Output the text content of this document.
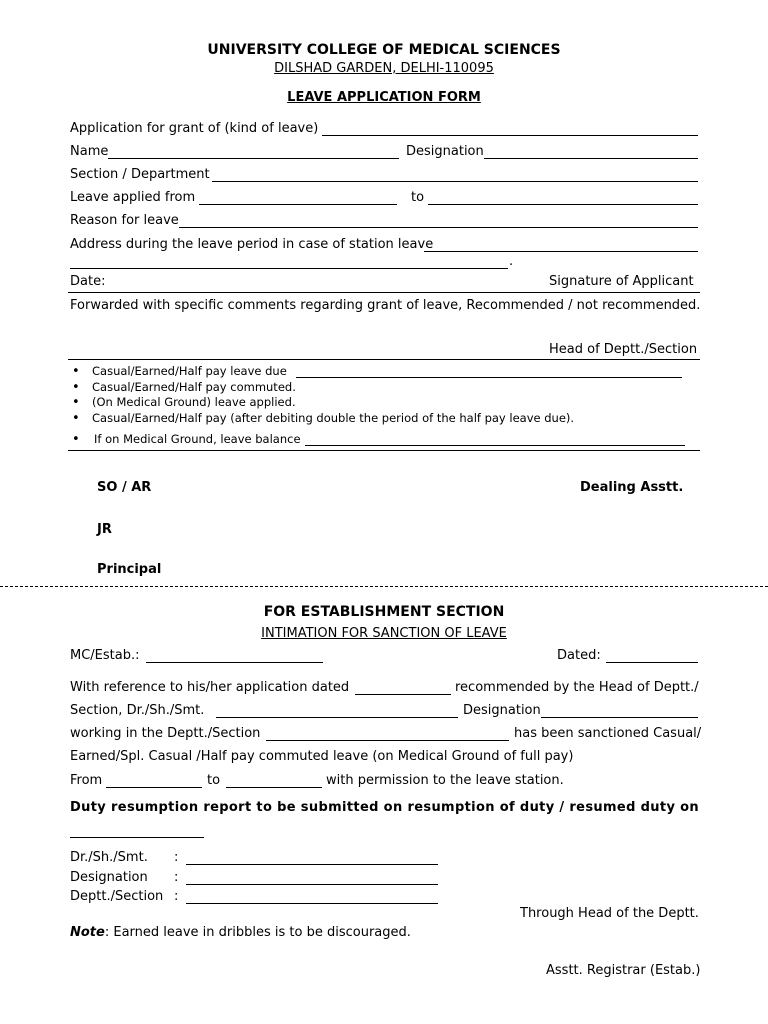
UNIVERSITY COLLEGE OF MEDICAL SCIENCES
DILSHAD GARDEN, DELHI-110095
LEAVE APPLICATION FORM
Application for grant of (kind of leave)
Name	Designation
Section / Department
Leave applied from	to
Reason for leave
Address during the leave period in case of station leave
.
Date:	Signature of Applicant
Forwarded with specific comments regarding grant of leave, Recommended / not recommended.
Head of Deptt./Section
• Casual/Earned/Half pay leave due
• Casual/Earned/Half pay commuted.
• (On Medical Ground) leave applied.
• Casual/Earned/Half pay (after debiting double the period of the half pay leave due).
• If on Medical Ground, leave balance
SO / AR	Dealing Asstt.
JR
Principal
FOR ESTABLISHMENT SECTION
INTIMATION FOR SANCTION OF LEAVE
MC/Estab.:	Dated:
With reference to his/her application dated	recommended by the Head of Deptt./
Section, Dr./Sh./Smt.	Designation
working in the Deptt./Section	has been sanctioned Casual/
Earned/Spl. Casual /Half pay commuted leave (on Medical Ground of full pay)
From	to	with permission to the leave station.
Duty resumption report to be submitted on resumption of duty / resumed duty on
Dr./Sh./Smt. :
Designation :
Deptt./Section :
Through Head of the Deptt.
Note: Earned leave in dribbles is to be discouraged.
Asstt. Registrar (Estab.)
